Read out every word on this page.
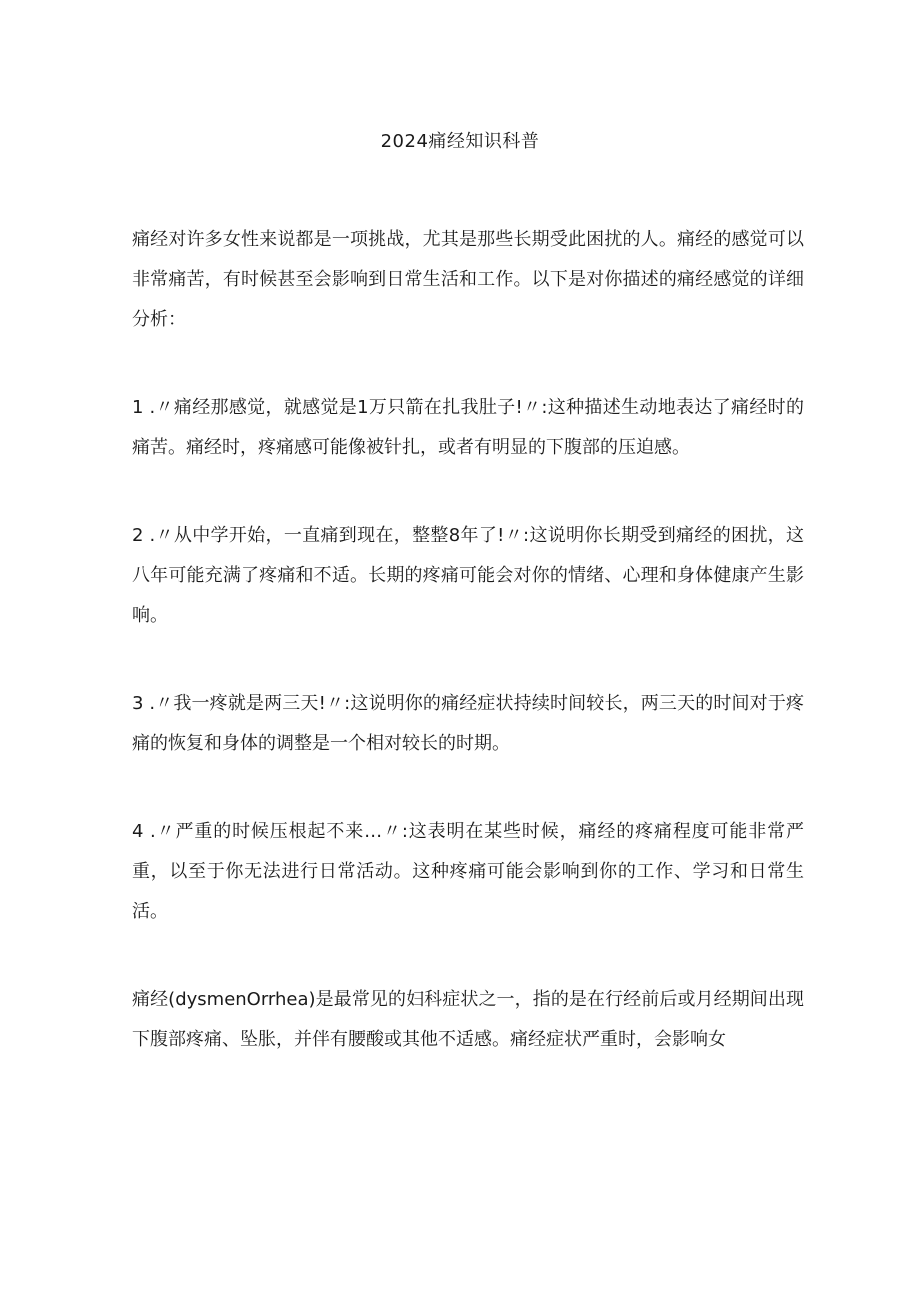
2024痛经知识科普

痛经对许多女性来说都是一项挑战，尤其是那些长期受此困扰的人。痛经的感觉可以非常痛苦，有时候甚至会影响到日常生活和工作。以下是对你描述的痛经感觉的详细分析：

1 .〃痛经那感觉，就感觉是1万只箭在扎我肚子!〃:这种描述生动地表达了痛经时的痛苦。痛经时，疼痛感可能像被针扎，或者有明显的下腹部的压迫感。

2 .〃从中学开始，一直痛到现在，整整8年了!〃:这说明你长期受到痛经的困扰，这八年可能充满了疼痛和不适。长期的疼痛可能会对你的情绪、心理和身体健康产生影响。

3 .〃我一疼就是两三天!〃:这说明你的痛经症状持续时间较长，两三天的时间对于疼痛的恢复和身体的调整是一个相对较长的时期。

4 .〃严重的时候压根起不来…〃:这表明在某些时候，痛经的疼痛程度可能非常严重，以至于你无法进行日常活动。这种疼痛可能会影响到你的工作、学习和日常生活。

痛经(dysmenOrrhea)是最常见的妇科症状之一，指的是在行经前后或月经期间出现下腹部疼痛、坠胀，并伴有腰酸或其他不适感。痛经症状严重时，会影响女
